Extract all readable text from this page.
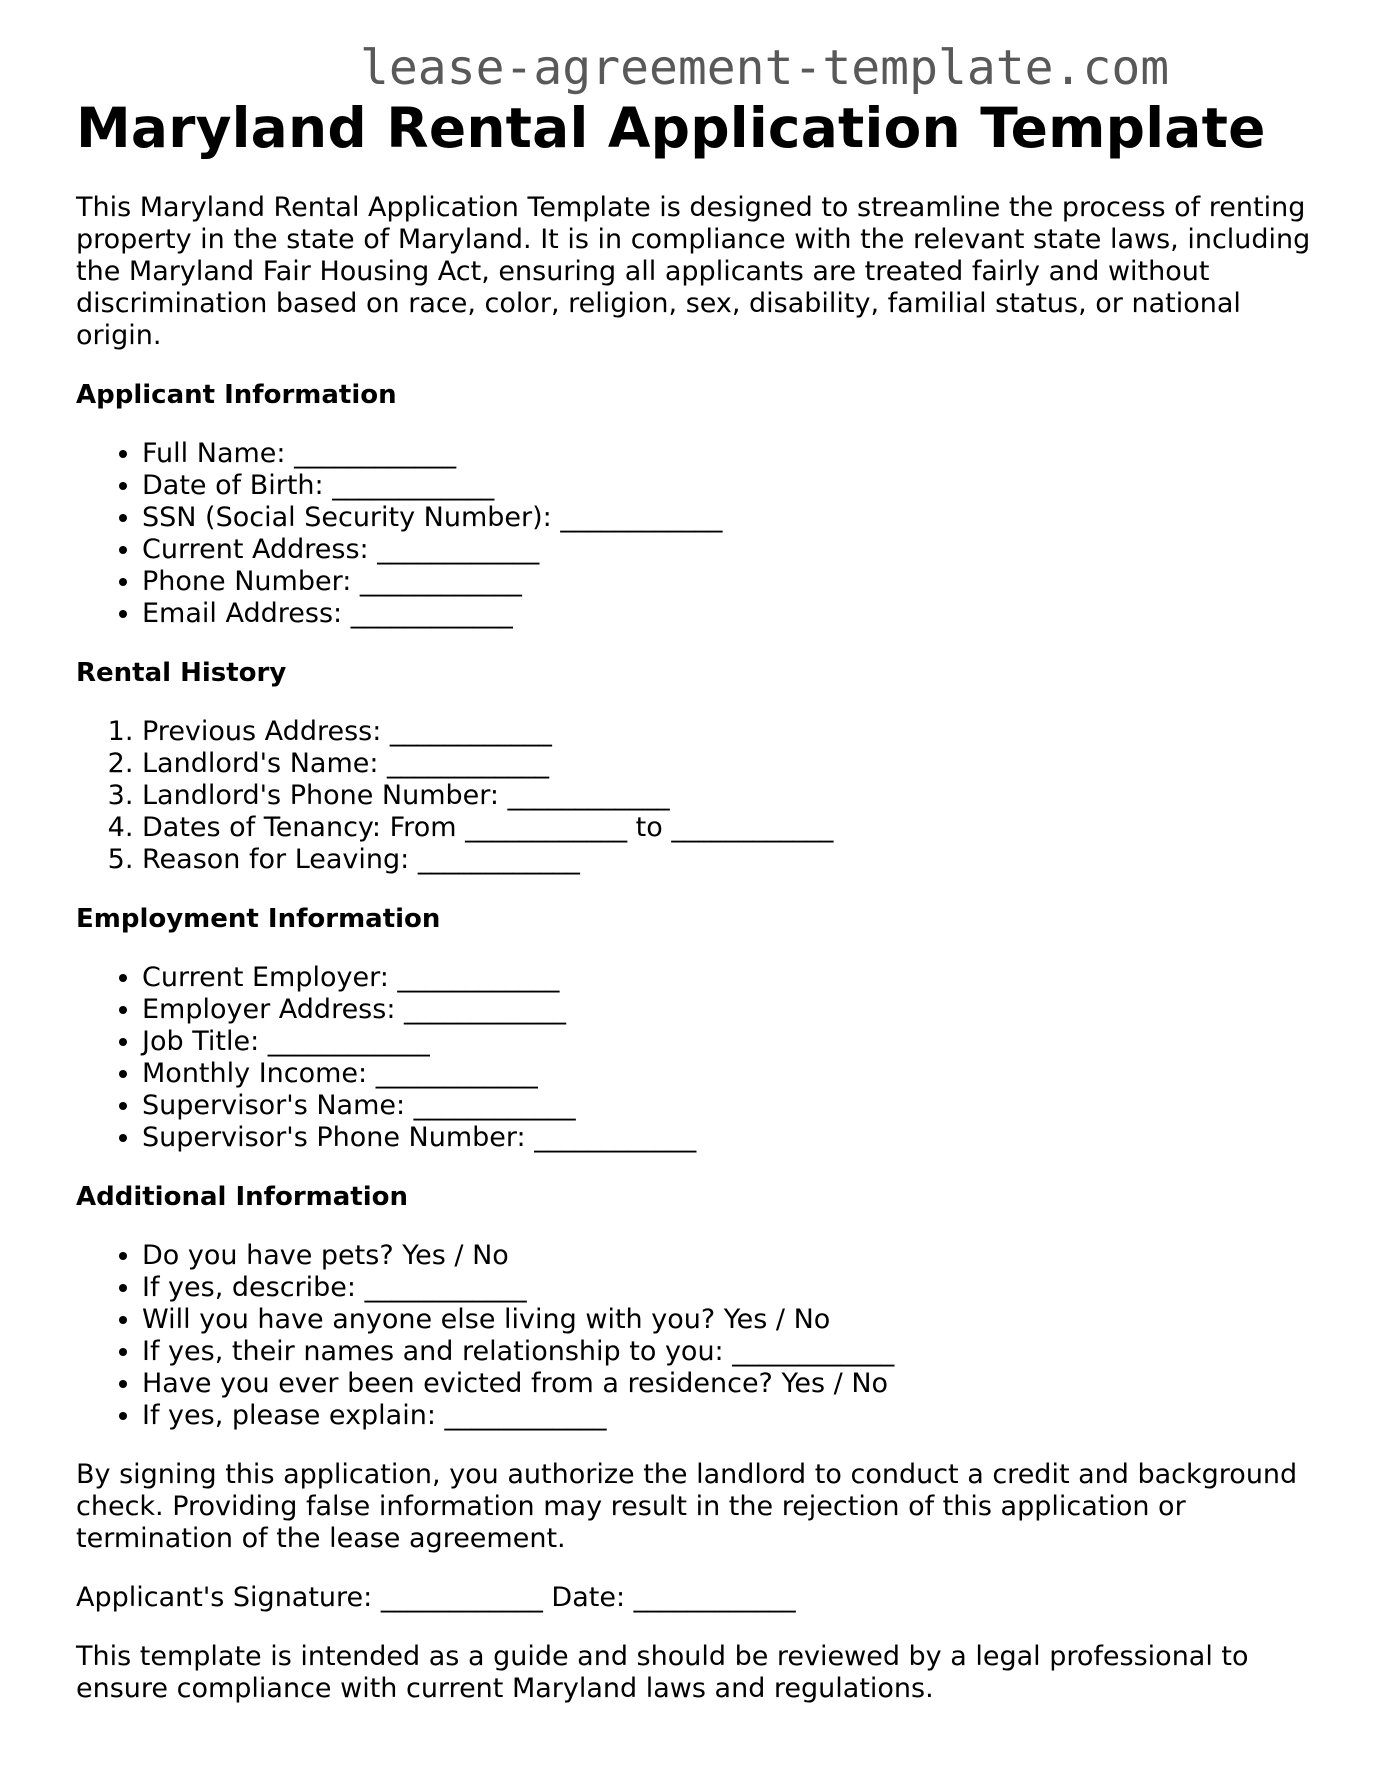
lease-agreement-template.com
Maryland Rental Application Template

This Maryland Rental Application Template is designed to streamline the process of renting property in the state of Maryland. It is in compliance with the relevant state laws, including the Maryland Fair Housing Act, ensuring all applicants are treated fairly and without discrimination based on race, color, religion, sex, disability, familial status, or national origin.

Applicant Information
• Full Name: ____________
• Date of Birth: ____________
• SSN (Social Security Number): ____________
• Current Address: ____________
• Phone Number: ____________
• Email Address: ____________
Rental History
1. Previous Address: ____________
2. Landlord's Name: ____________
3. Landlord's Phone Number: ____________
4. Dates of Tenancy: From ____________ to ____________
5. Reason for Leaving: ____________
Employment Information
• Current Employer: ____________
• Employer Address: ____________
• Job Title: ____________
• Monthly Income: ____________
• Supervisor's Name: ____________
• Supervisor's Phone Number: ____________
Additional Information
• Do you have pets? Yes / No
• If yes, describe: ____________
• Will you have anyone else living with you? Yes / No
• If yes, their names and relationship to you: ____________
• Have you ever been evicted from a residence? Yes / No
• If yes, please explain: ____________

By signing this application, you authorize the landlord to conduct a credit and background check. Providing false information may result in the rejection of this application or termination of the lease agreement.

Applicant's Signature: ____________ Date: ____________

This template is intended as a guide and should be reviewed by a legal professional to ensure compliance with current Maryland laws and regulations.
